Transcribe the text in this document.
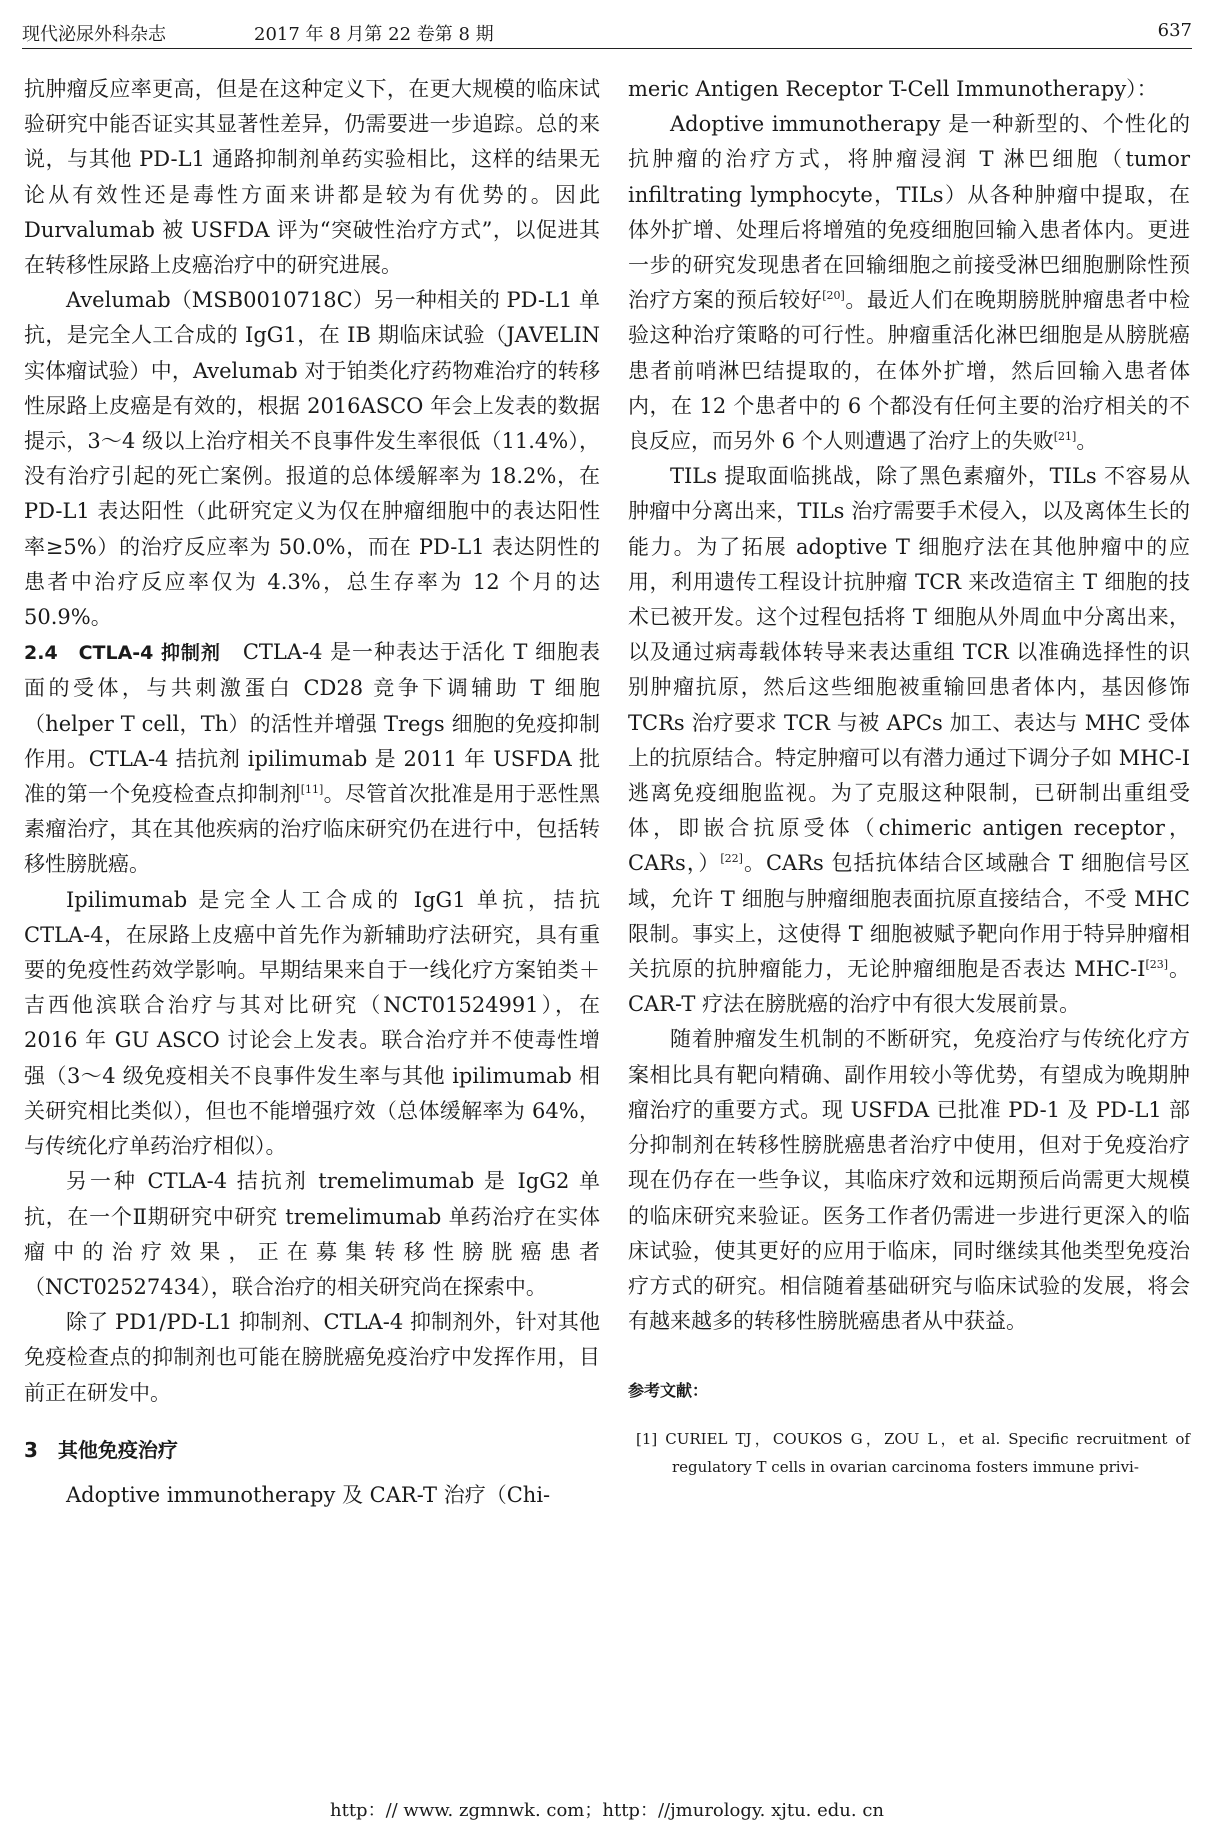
现代泌尿外科杂志	2017 年 8 月第 22 卷第 8 期	637

抗肿瘤反应率更高，但是在这种定义下，在更大规模的临床试验研究中能否证实其显著性差异，仍需要进一步追踪。总的来说，与其他 PD-L1 通路抑制剂单药实验相比，这样的结果无论从有效性还是毒性方面来讲都是较为有优势的。因此 Durvalumab 被 USFDA 评为“突破性治疗方式”，以促进其在转移性尿路上皮癌治疗中的研究进展。

Avelumab（MSB0010718C）另一种相关的 PD-L1 单抗，是完全人工合成的 IgG1，在 IB 期临床试验（JAVELIN 实体瘤试验）中，Avelumab 对于铂类化疗药物难治疗的转移性尿路上皮癌是有效的，根据 2016ASCO 年会上发表的数据提示，3～4 级以上治疗相关不良事件发生率很低（11.4%），没有治疗引起的死亡案例。报道的总体缓解率为 18.2%，在 PD-L1 表达阳性（此研究定义为仅在肿瘤细胞中的表达阳性率≥5%）的治疗反应率为 50.0%，而在 PD-L1 表达阴性的患者中治疗反应率仅为 4.3%，总生存率为 12 个月的达 50.9%。

2.4　CTLA-4 抑制剂　CTLA-4 是一种表达于活化 T 细胞表面的受体，与共刺激蛋白 CD28 竞争下调辅助 T 细胞（helper T cell，Th）的活性并增强 Tregs 细胞的免疫抑制作用。CTLA-4 拮抗剂 ipilimumab 是 2011 年 USFDA 批准的第一个免疫检查点抑制剂[11]。尽管首次批准是用于恶性黑素瘤治疗，其在其他疾病的治疗临床研究仍在进行中，包括转移性膀胱癌。

Ipilimumab 是完全人工合成的 IgG1 单抗，拮抗 CTLA-4，在尿路上皮癌中首先作为新辅助疗法研究，具有重要的免疫性药效学影响。早期结果来自于一线化疗方案铂类＋吉西他滨联合治疗与其对比研究（NCT01524991），在 2016 年 GU ASCO 讨论会上发表。联合治疗并不使毒性增强（3～4 级免疫相关不良事件发生率与其他 ipilimumab 相关研究相比类似），但也不能增强疗效（总体缓解率为 64%，与传统化疗单药治疗相似）。

另一种 CTLA-4 拮抗剂 tremelimumab 是 IgG2 单抗，在一个Ⅱ期研究中研究 tremelimumab 单药治疗在实体瘤中的治疗效果，正在募集转移性膀胱癌患者（NCT02527434），联合治疗的相关研究尚在探索中。

除了 PD1/PD-L1 抑制剂、CTLA-4 抑制剂外，针对其他免疫检查点的抑制剂也可能在膀胱癌免疫治疗中发挥作用，目前正在研发中。

3　其他免疫治疗

Adoptive immunotherapy 及 CAR-T 治疗（Chi-

meric Antigen Receptor T-Cell Immunotherapy）：

Adoptive immunotherapy 是一种新型的、个性化的抗肿瘤的治疗方式，将肿瘤浸润 T 淋巴细胞（tumor infiltrating lymphocyte，TILs）从各种肿瘤中提取，在体外扩增、处理后将增殖的免疫细胞回输入患者体内。更进一步的研究发现患者在回输细胞之前接受淋巴细胞删除性预治疗方案的预后较好[20]。最近人们在晚期膀胱肿瘤患者中检验这种治疗策略的可行性。肿瘤重活化淋巴细胞是从膀胱癌患者前哨淋巴结提取的，在体外扩增，然后回输入患者体内，在 12 个患者中的 6 个都没有任何主要的治疗相关的不良反应，而另外 6 个人则遭遇了治疗上的失败[21]。

TILs 提取面临挑战，除了黑色素瘤外，TILs 不容易从肿瘤中分离出来，TILs 治疗需要手术侵入，以及离体生长的能力。为了拓展 adoptive T 细胞疗法在其他肿瘤中的应用，利用遗传工程设计抗肿瘤 TCR 来改造宿主 T 细胞的技术已被开发。这个过程包括将 T 细胞从外周血中分离出来，以及通过病毒载体转导来表达重组 TCR 以准确选择性的识别肿瘤抗原，然后这些细胞被重输回患者体内，基因修饰 TCRs 治疗要求 TCR 与被 APCs 加工、表达与 MHC 受体上的抗原结合。特定肿瘤可以有潜力通过下调分子如 MHC-I 逃离免疫细胞监视。为了克服这种限制，已研制出重组受体，即嵌合抗原受体（chimeric antigen receptor，CARs，）[22]。CARs 包括抗体结合区域融合 T 细胞信号区域，允许 T 细胞与肿瘤细胞表面抗原直接结合，不受 MHC 限制。事实上，这使得 T 细胞被赋予靶向作用于特异肿瘤相关抗原的抗肿瘤能力，无论肿瘤细胞是否表达 MHC-I[23]。CAR-T 疗法在膀胱癌的治疗中有很大发展前景。

随着肿瘤发生机制的不断研究，免疫治疗与传统化疗方案相比具有靶向精确、副作用较小等优势，有望成为晚期肿瘤治疗的重要方式。现 USFDA 已批准 PD-1 及 PD-L1 部分抑制剂在转移性膀胱癌患者治疗中使用，但对于免疫治疗现在仍存在一些争议，其临床疗效和远期预后尚需更大规模的临床研究来验证。医务工作者仍需进一步进行更深入的临床试验，使其更好的应用于临床，同时继续其他类型免疫治疗方式的研究。相信随着基础研究与临床试验的发展，将会有越来越多的转移性膀胱癌患者从中获益。

参考文献：

[1] CURIEL TJ，COUKOS G，ZOU L，et al. Specific recruitment of regulatory T cells in ovarian carcinoma fosters immune privi-

http：// www. zgmnwk. com；http：//jmurology. xjtu. edu. cn
